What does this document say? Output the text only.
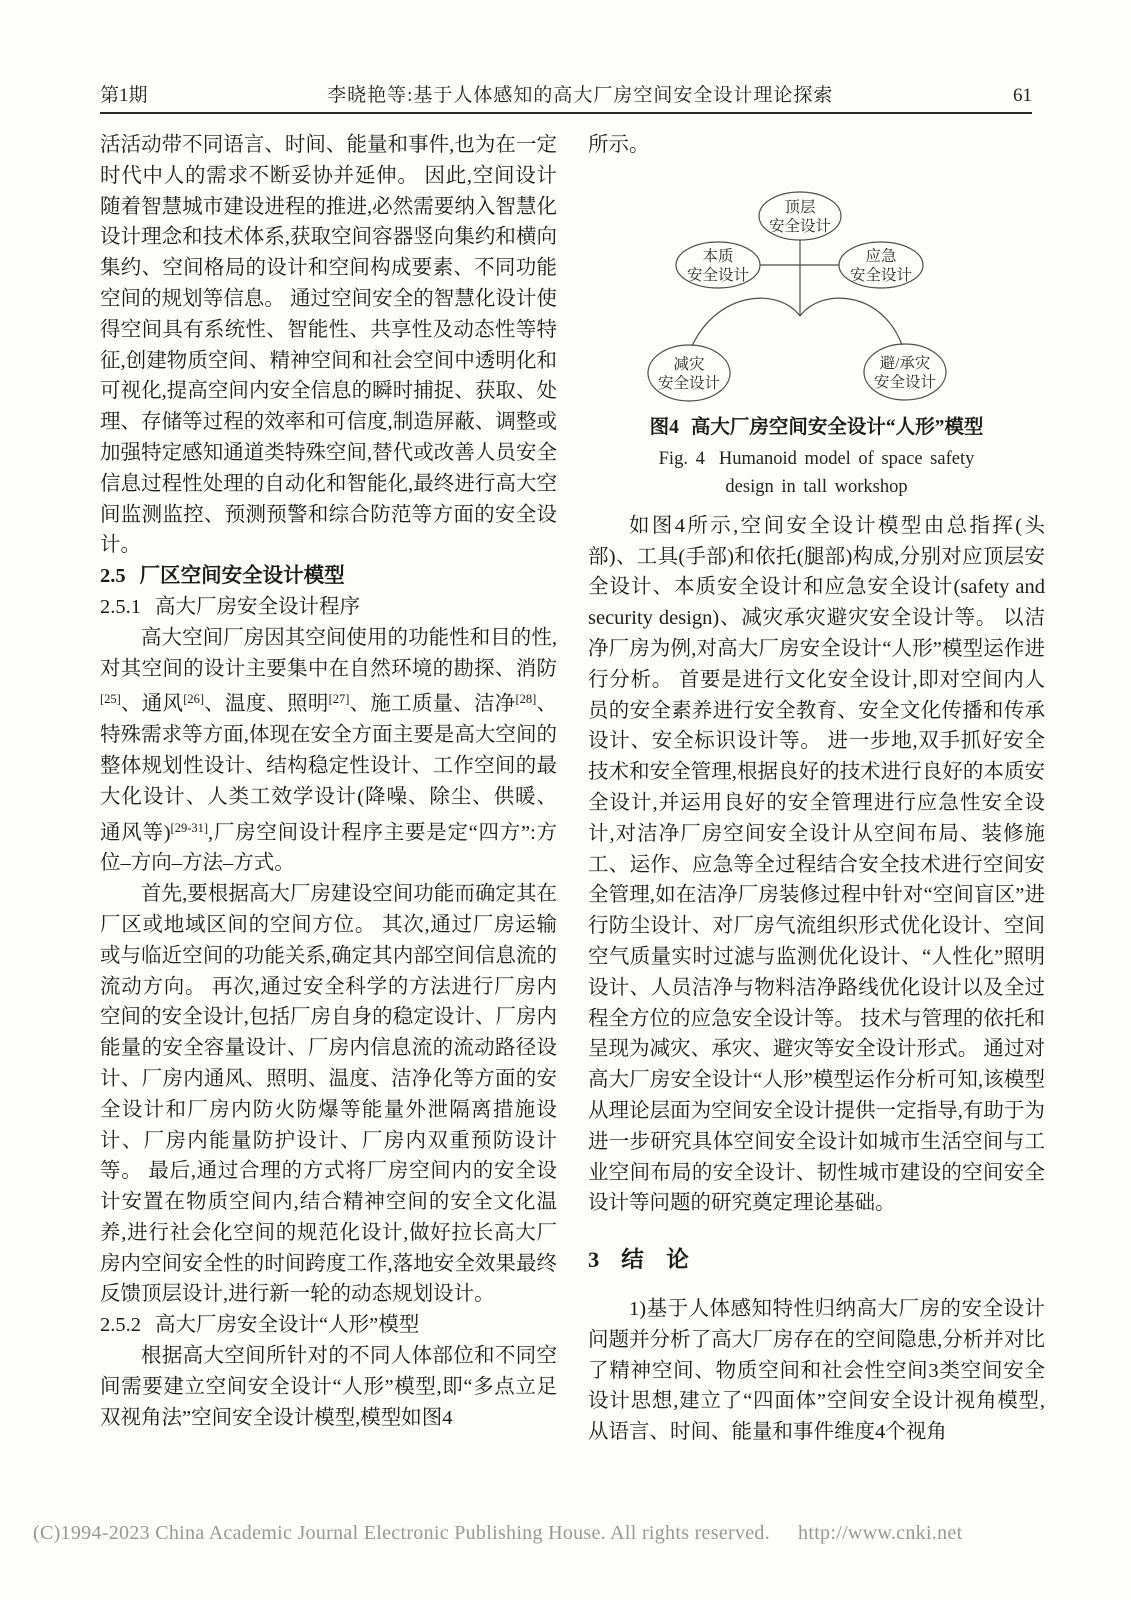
第1期	李晓艳等:基于人体感知的高大厂房空间安全设计理论探索	61

活活动带不同语言、时间、能量和事件,也为在一定时代中人的需求不断妥协并延伸。 因此,空间设计随着智慧城市建设进程的推进,必然需要纳入智慧化设计理念和技术体系,获取空间容器竖向集约和横向集约、空间格局的设计和空间构成要素、不同功能空间的规划等信息。 通过空间安全的智慧化设计使得空间具有系统性、智能性、共享性及动态性等特征,创建物质空间、精神空间和社会空间中透明化和可视化,提高空间内安全信息的瞬时捕捉、获取、处理、存储等过程的效率和可信度,制造屏蔽、调整或加强特定感知通道类特殊空间,替代或改善人员安全信息过程性处理的自动化和智能化,最终进行高大空间监测监控、预测预警和综合防范等方面的安全设计。

2.5 厂区空间安全设计模型

2.5.1 高大厂房安全设计程序

高大空间厂房因其空间使用的功能性和目的性,对其空间的设计主要集中在自然环境的勘探、消防[25]、通风[26]、温度、照明[27]、施工质量、洁净[28]、特殊需求等方面,体现在安全方面主要是高大空间的整体规划性设计、结构稳定性设计、工作空间的最大化设计、人类工效学设计(降噪、除尘、供暖、通风等)[29-31],厂房空间设计程序主要是定“四方”:方位–方向–方法–方式。

首先,要根据高大厂房建设空间功能而确定其在厂区或地域区间的空间方位。 其次,通过厂房运输或与临近空间的功能关系,确定其内部空间信息流的流动方向。 再次,通过安全科学的方法进行厂房内空间的安全设计,包括厂房自身的稳定设计、厂房内能量的安全容量设计、厂房内信息流的流动路径设计、厂房内通风、照明、温度、洁净化等方面的安全设计和厂房内防火防爆等能量外泄隔离措施设计、厂房内能量防护设计、厂房内双重预防设计等。 最后,通过合理的方式将厂房空间内的安全设计安置在物质空间内,结合精神空间的安全文化温养,进行社会化空间的规范化设计,做好拉长高大厂房内空间安全性的时间跨度工作,落地安全效果最终反馈顶层设计,进行新一轮的动态规划设计。

2.5.2 高大厂房安全设计“人形”模型

根据高大空间所针对的不同人体部位和不同空间需要建立空间安全设计“人形”模型,即“多点立足双视角法”空间安全设计模型,模型如图4

所示。

顶层
安全设计
本质
安全设计
应急
安全设计
减灾
安全设计
避/承灾
安全设计

图4 高大厂房空间安全设计“人形”模型

Fig. 4 Humanoid model of space safety

design in tall workshop

如图4所示,空间安全设计模型由总指挥(头部)、工具(手部)和依托(腿部)构成,分别对应顶层安全设计、本质安全设计和应急安全设计(safety and security design)、减灾承灾避灾安全设计等。 以洁净厂房为例,对高大厂房安全设计“人形”模型运作进行分析。 首要是进行文化安全设计,即对空间内人员的安全素养进行安全教育、安全文化传播和传承设计、安全标识设计等。 进一步地,双手抓好安全技术和安全管理,根据良好的技术进行良好的本质安全设计,并运用良好的安全管理进行应急性安全设计,对洁净厂房空间安全设计从空间布局、装修施工、运作、应急等全过程结合安全技术进行空间安全管理,如在洁净厂房装修过程中针对“空间盲区”进行防尘设计、对厂房气流组织形式优化设计、空间空气质量实时过滤与监测优化设计、“人性化”照明设计、人员洁净与物料洁净路线优化设计以及全过程全方位的应急安全设计等。 技术与管理的依托和呈现为减灾、承灾、避灾等安全设计形式。 通过对高大厂房安全设计“人形”模型运作分析可知,该模型从理论层面为空间安全设计提供一定指导,有助于为进一步研究具体空间安全设计如城市生活空间与工业空间布局的安全设计、韧性城市建设的空间安全设计等问题的研究奠定理论基础。

3 结　论

1)基于人体感知特性归纳高大厂房的安全设计问题并分析了高大厂房存在的空间隐患,分析并对比了精神空间、物质空间和社会性空间3类空间安全设计思想,建立了“四面体”空间安全设计视角模型,从语言、时间、能量和事件维度4个视角

(C)1994-2023 China Academic Journal Electronic Publishing House. All rights reserved. http://www.cnki.net
